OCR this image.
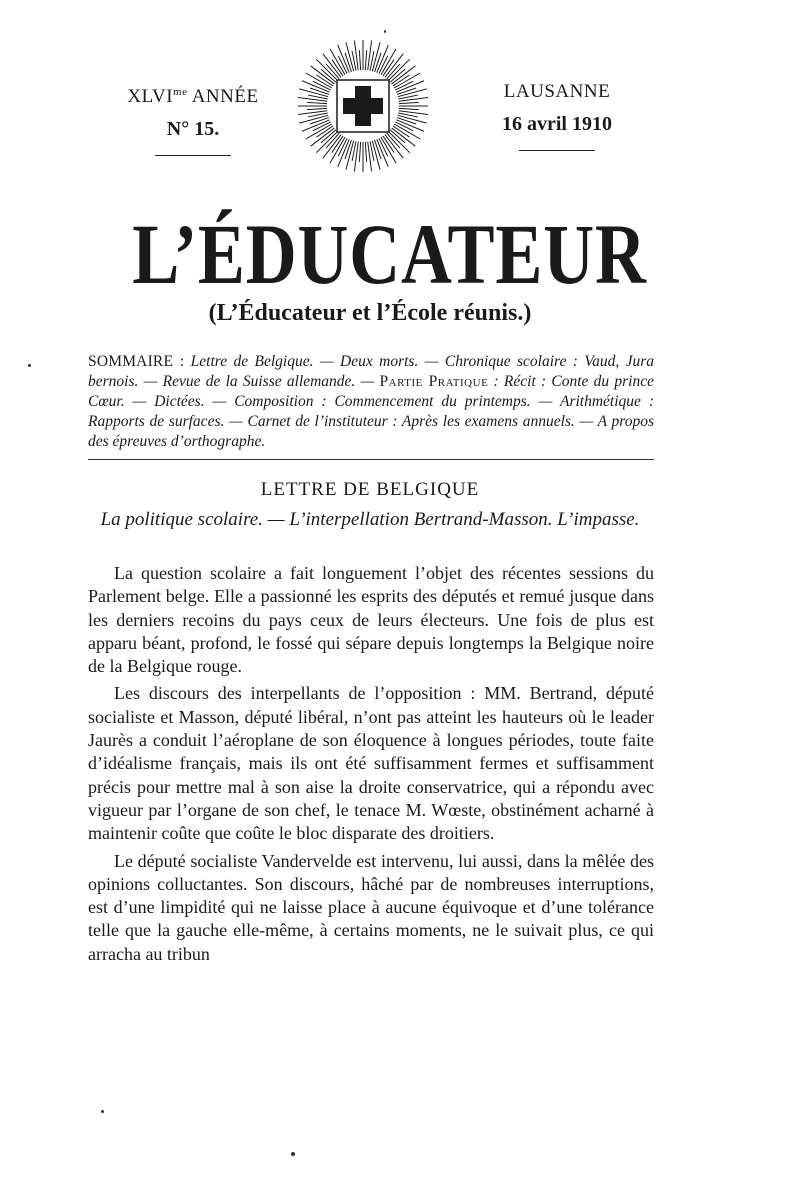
$XLVI^{me}$ ANNÉE
N° 15.
LAUSANNE
16 avril 1910
L’ÉDUCATEUR
(L’Éducateur et l’École réunis.)
SOMMAIRE : Lettre de Belgique. — Deux morts. — Chronique scolaire : Vaud, Jura bernois. — Revue de la Suisse allemande. — Partie Pratique : Récit : Conte du prince Cœur. — Dictées. — Composition : Commencement du printemps. — Arithmétique : Rapports de surfaces. — Carnet de l’instituteur : Après les examens annuels. — A propos des épreuves d’orthographe.
LETTRE DE BELGIQUE
La politique scolaire. — L’interpellation Bertrand-Masson. L’impasse.

La question scolaire a fait longuement l’objet des récentes sessions du Parlement belge. Elle a passionné les esprits des députés et remué jusque dans les derniers recoins du pays ceux de leurs électeurs. Une fois de plus est apparu béant, profond, le fossé qui sépare depuis longtemps la Belgique noire de la Belgique rouge.

Les discours des interpellants de l’opposition : MM. Bertrand, député socialiste et Masson, député libéral, n’ont pas atteint les hauteurs où le leader Jaurès a conduit l’aéroplane de son éloquence à longues périodes, toute faite d’idéalisme français, mais ils ont été suffisamment fermes et suffisamment précis pour mettre mal à son aise la droite conservatrice, qui a répondu avec vigueur par l’organe de son chef, le tenace M. Wœste, obstinément acharné à maintenir coûte que coûte le bloc disparate des droitiers.

Le député socialiste Vandervelde est intervenu, lui aussi, dans la mêlée des opinions colluctantes. Son discours, hâché par de nombreuses interruptions, est d’une limpidité qui ne laisse place à aucune équivoque et d’une tolérance telle que la gauche elle-même, à certains moments, ne le suivait plus, ce qui arracha au tribun
